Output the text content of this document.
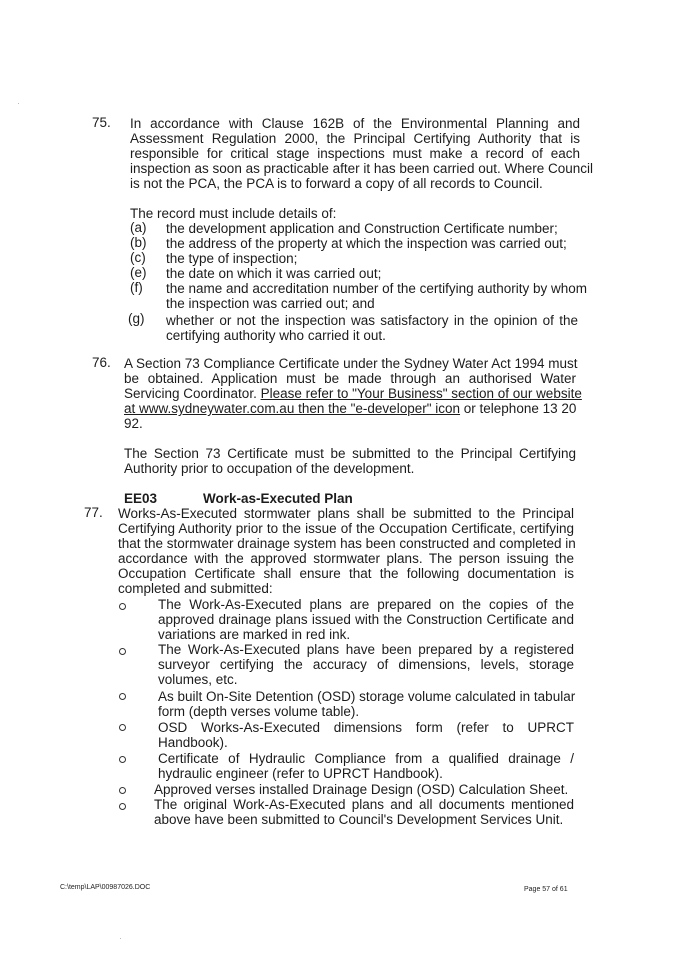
75. In accordance with Clause 162B of the Environmental Planning and
Assessment Regulation 2000, the Principal Certifying Authority that is
responsible for critical stage inspections must make a record of each
inspection as soon as practicable after it has been carried out. Where Council
is not the PCA, the PCA is to forward a copy of all records to Council.
The record must include details of:
(a) the development application and Construction Certificate number;
(b) the address of the property at which the inspection was carried out;
(c) the type of inspection;
(e) the date on which it was carried out;
(f) the name and accreditation number of the certifying authority by whom
the inspection was carried out; and
(g) whether or not the inspection was satisfactory in the opinion of the
certifying authority who carried it out.
76. A Section 73 Compliance Certificate under the Sydney Water Act 1994 must
be obtained. Application must be made through an authorised Water
Servicing Coordinator. Please refer to "Your Business" section of our website
at www.sydneywater.com.au then the "e-developer" icon or telephone 13 20
92.
The Section 73 Certificate must be submitted to the Principal Certifying
Authority prior to occupation of the development.
EE03	Work-as-Executed Plan
77. Works-As-Executed stormwater plans shall be submitted to the Principal
Certifying Authority prior to the issue of the Occupation Certificate, certifying
that the stormwater drainage system has been constructed and completed in
accordance with the approved stormwater plans. The person issuing the
Occupation Certificate shall ensure that the following documentation is
completed and submitted:
The Work-As-Executed plans are prepared on the copies of the
approved drainage plans issued with the Construction Certificate and
variations are marked in red ink.
The Work-As-Executed plans have been prepared by a registered
surveyor certifying the accuracy of dimensions, levels, storage
volumes, etc.
As built On-Site Detention (OSD) storage volume calculated in tabular
form (depth verses volume table).
OSD Works-As-Executed dimensions form (refer to UPRCT
Handbook).
Certificate of Hydraulic Compliance from a qualified drainage /
hydraulic engineer (refer to UPRCT Handbook).
Approved verses installed Drainage Design (OSD) Calculation Sheet.
The original Work-As-Executed plans and all documents mentioned
above have been submitted to Council's Development Services Unit.
C:\temp\LAP\00987026.DOC	Page 57 of 61
